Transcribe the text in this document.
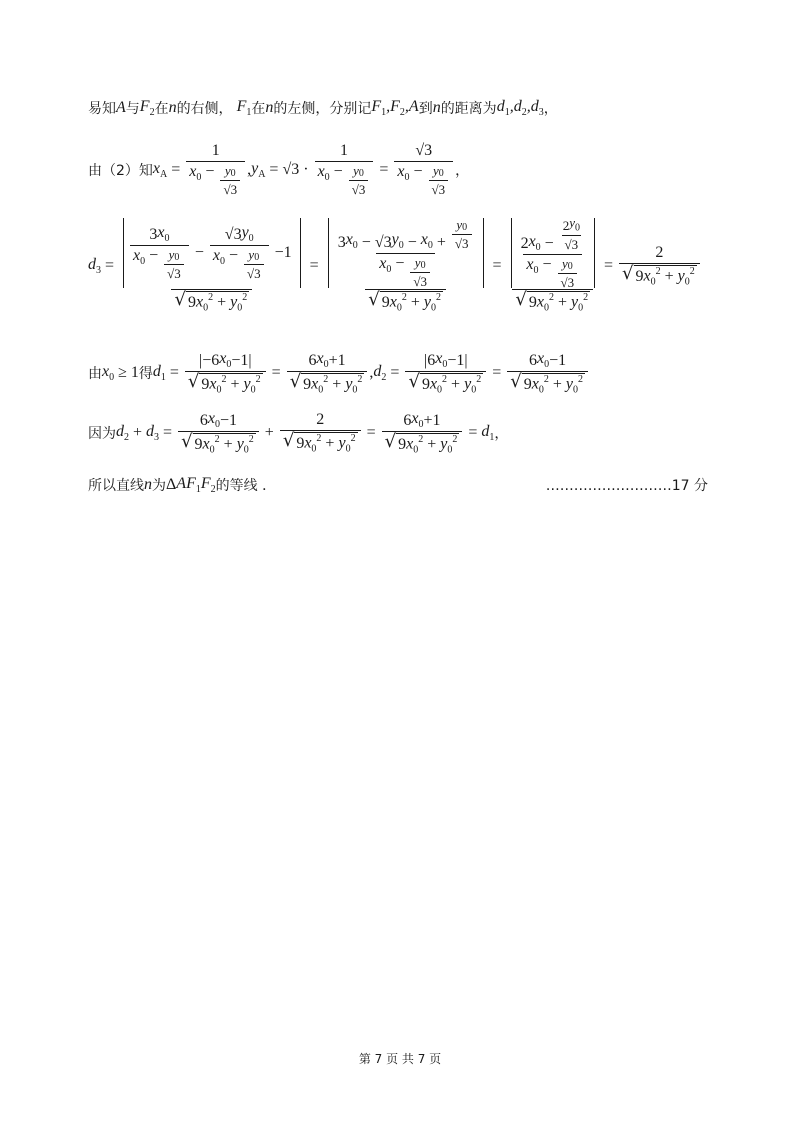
易知 A 与 $F_2$ 在 n 的右侧， $F_1$ 在 n 的左侧，分别记 $F_1,F_2,A$ 到 n 的距离为 $d_1,d_2,d_3$ ，
由（2）知 $x_A = \frac{1}{x_0 - \frac{y 0}{√3}}$ , $y_A = √3 \cdot \frac{1}{x_0 - \frac{y 0}{√3}} = \frac{√3}{x_0 - \frac{y 0}{√3}}$ ，
$d_3 = \frac{3 x_0}{x_0 - \frac{y 0}{√3}} - \frac{√3 y_0}{x_0 - \frac{y 0}{√3}} -1$
√ 9 $x_0^2 + y_0^2$
= $\frac{\frac{3 x_0 - √3 y_0 - x_0 + \frac{y 0}{√3}}{x_0 - \frac{y 0}{√3}}}{√ 9 x_0^2 + y_0^2} = \frac{\frac{2 x_0 - \frac{2 y_0}{√3}}{x_0 - \frac{y 0}{√3}}}{√ 9 x_0^2 + y_0^2} = \frac{2}{√ 9 x_0^2 + y_0^2}$
由 $x_0 \ge 1$ 得 $d_1 = \frac{|-6 x_0 -1|}{√ 9 x_0^2 + y_0^2} = \frac{6 x_0 +1}{√ 9 x_0^2 + y_0^2}$ , $d_2 = \frac{|6 x_0 -1|}{√ 9 x_0^2 + y_0^2} = \frac{6 x_0 -1}{√ 9 x_0^2 + y_0^2}$
因为 $d_2 + d_3 = \frac{6 x_0 -1}{√ 9 x_0^2 + y_0^2} + \frac{2}{√ 9 x_0^2 + y_0^2} = \frac{6 x_0 +1}{√ 9 x_0^2 + y_0^2} = d_1$ ，
所以直线 n 为 Δ $AF_1F_2$ 的等线 ．	………………………17 分
第 7 页 共 7 页
